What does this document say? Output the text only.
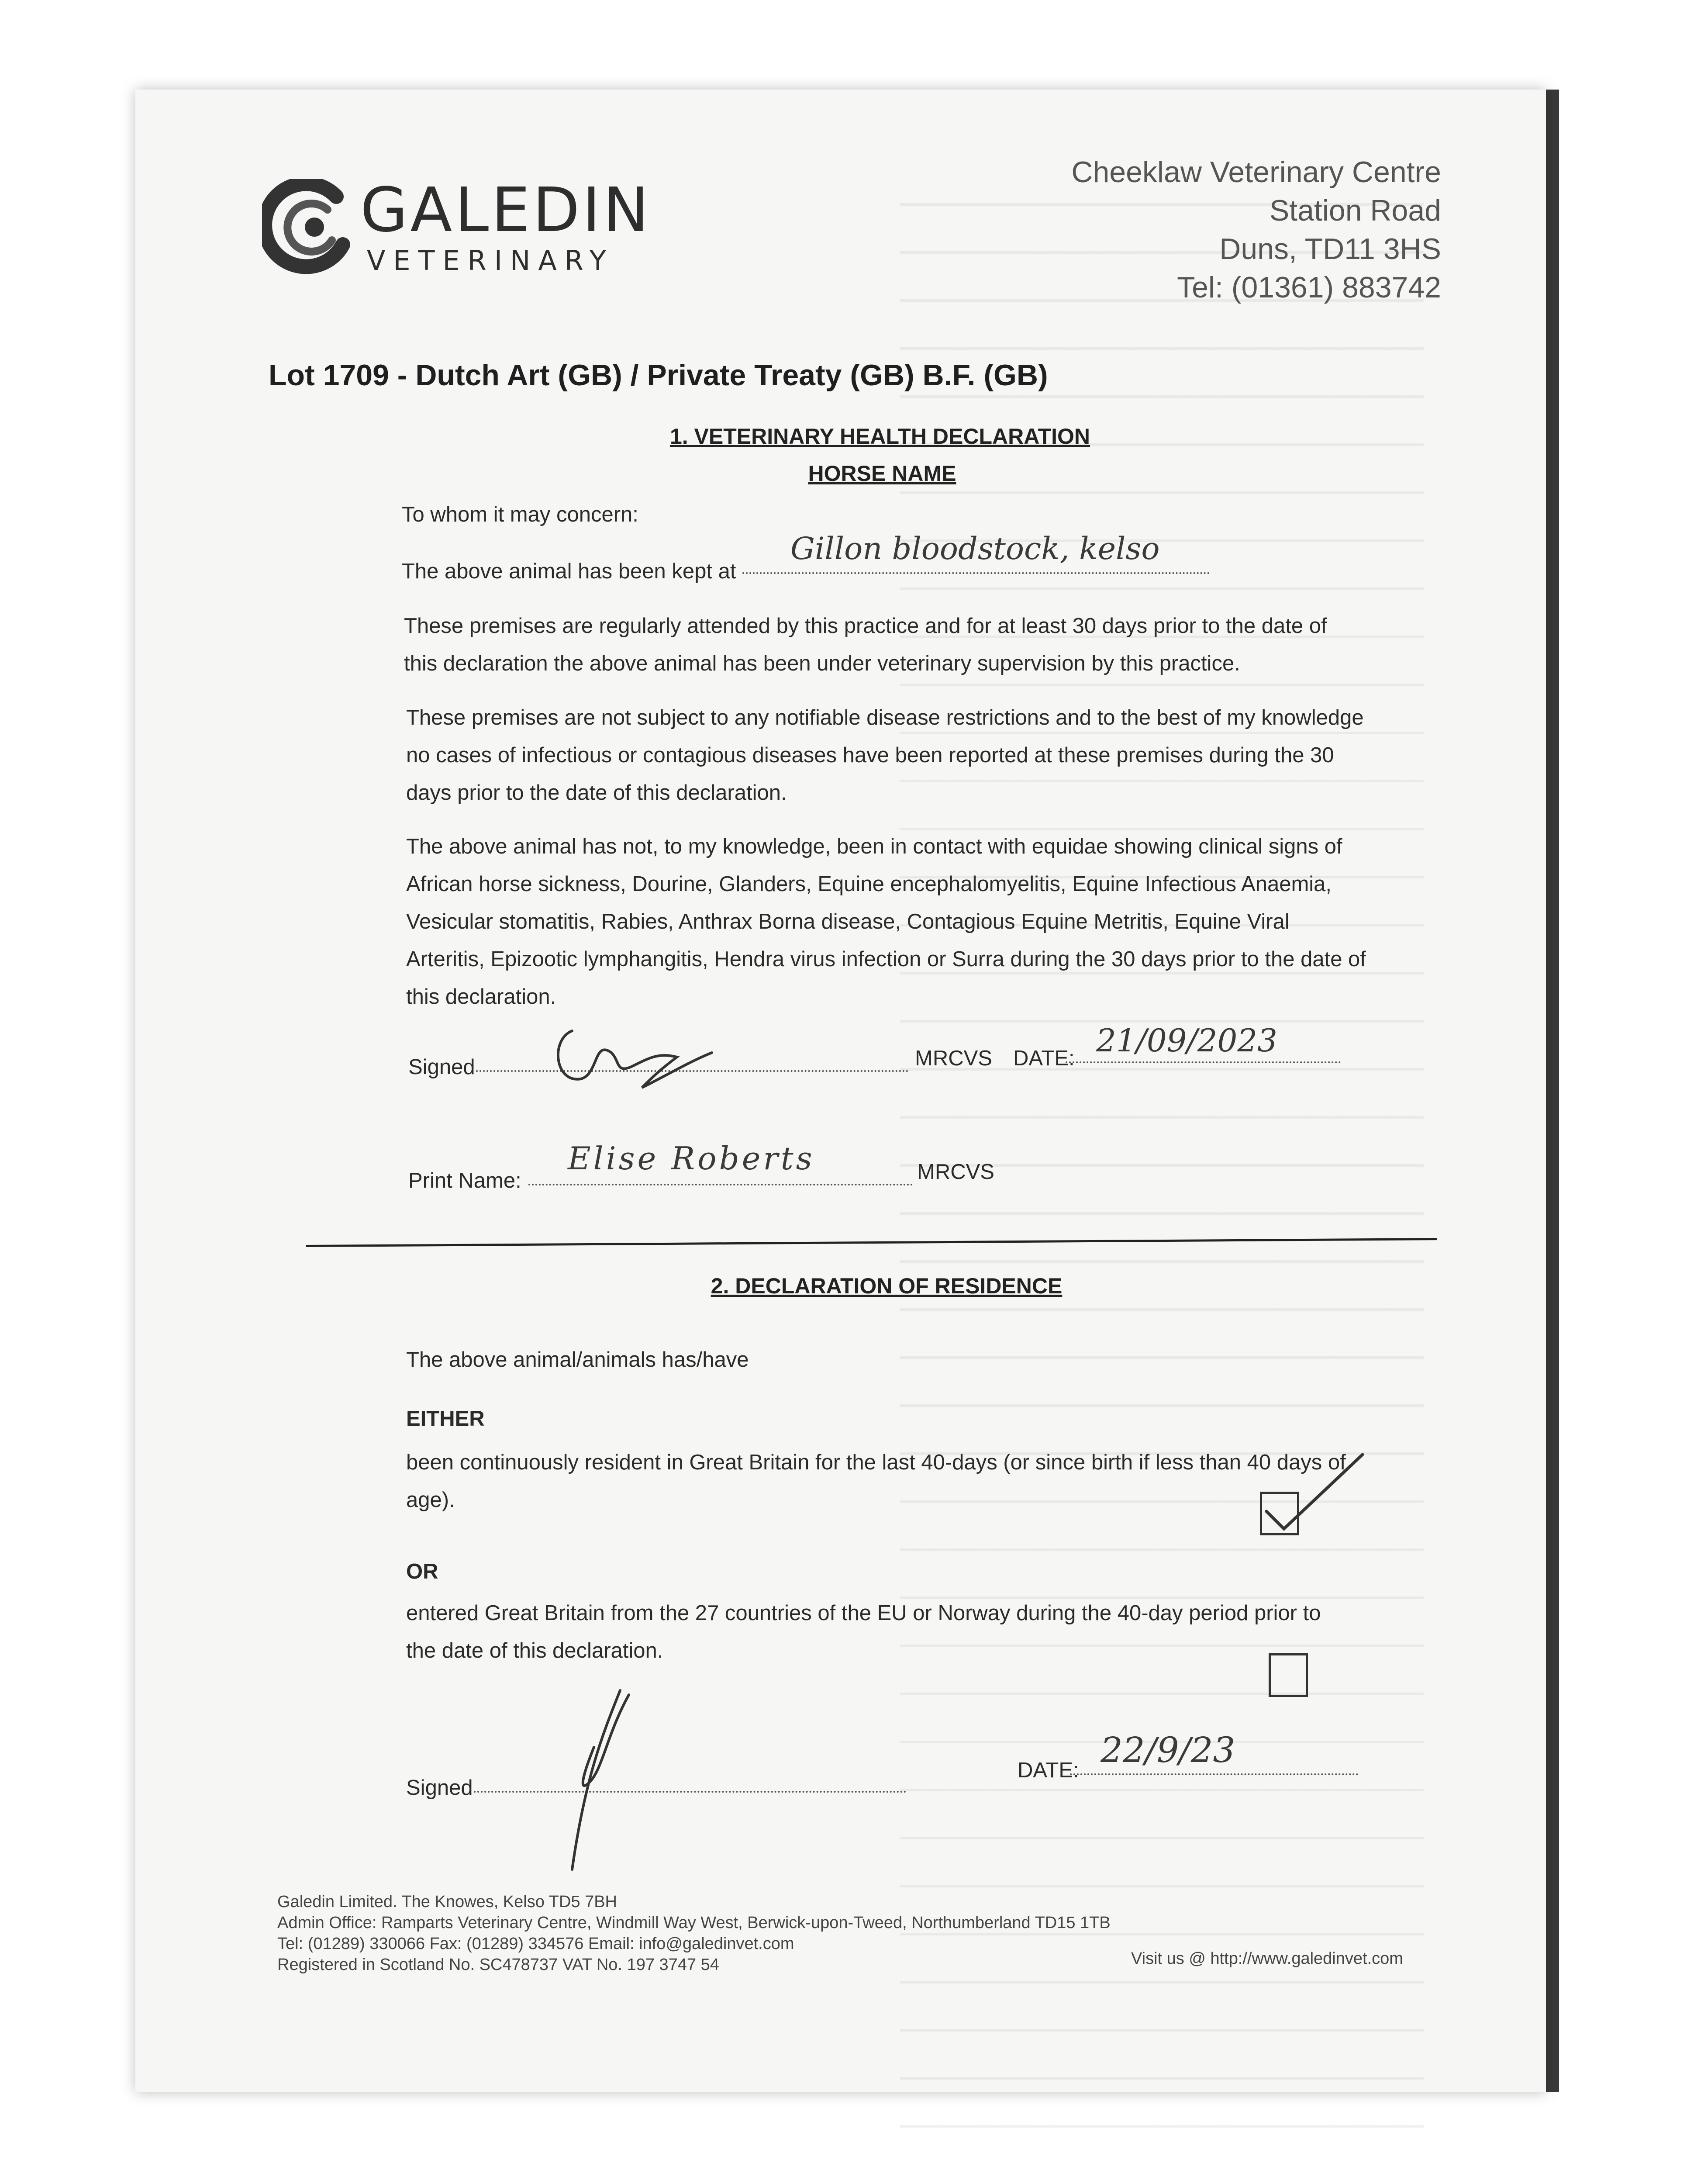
GALEDIN
VETERINARY
Cheeklaw Veterinary Centre
Station Road
Duns, TD11 3HS
Tel: (01361) 883742
Lot 1709 - Dutch Art (GB) / Private Treaty (GB) B.F. (GB)
1. VETERINARY HEALTH DECLARATION
HORSE NAME
To whom it may concern:
The above animal has been kept at
Gillon bloodstock, kelso
These premises are regularly attended by this practice and for at least 30 days prior to the date of this declaration the above animal has been under veterinary supervision by this practice.
These premises are not subject to any notifiable disease restrictions and to the best of my knowledge no cases of infectious or contagious diseases have been reported at these premises during the 30 days prior to the date of this declaration.
The above animal has not, to my knowledge, been in contact with equidae showing clinical signs of African horse sickness, Dourine, Glanders, Equine encephalomyelitis, Equine Infectious Anaemia, Vesicular stomatitis, Rabies, Anthrax Borna disease, Contagious Equine Metritis, Equine Viral Arteritis, Epizootic lymphangitis, Hendra virus infection or Surra during the 30 days prior to the date of this declaration.
Signed	MRCVS DATE: 21/09/2023
Print Name:
Elise Roberts	MRCVS
2. DECLARATION OF RESIDENCE
The above animal/animals has/have
EITHER
been continuously resident in Great Britain for the last 40-days (or since birth if less than 40 days of age).
OR
entered Great Britain from the 27 countries of the EU or Norway during the 40-day period prior to the date of this declaration.
Signed
DATE: 22/9/23
Galedin Limited. The Knowes, Kelso TD5 7BH
Admin Office: Ramparts Veterinary Centre, Windmill Way West, Berwick-upon-Tweed, Northumberland TD15 1TB
Tel: (01289) 330066 Fax: (01289) 334576 Email: info@galedinvet.com
Registered in Scotland No. SC478737 VAT No. 197 3747 54	Visit us @ http://www.galedinvet.com
